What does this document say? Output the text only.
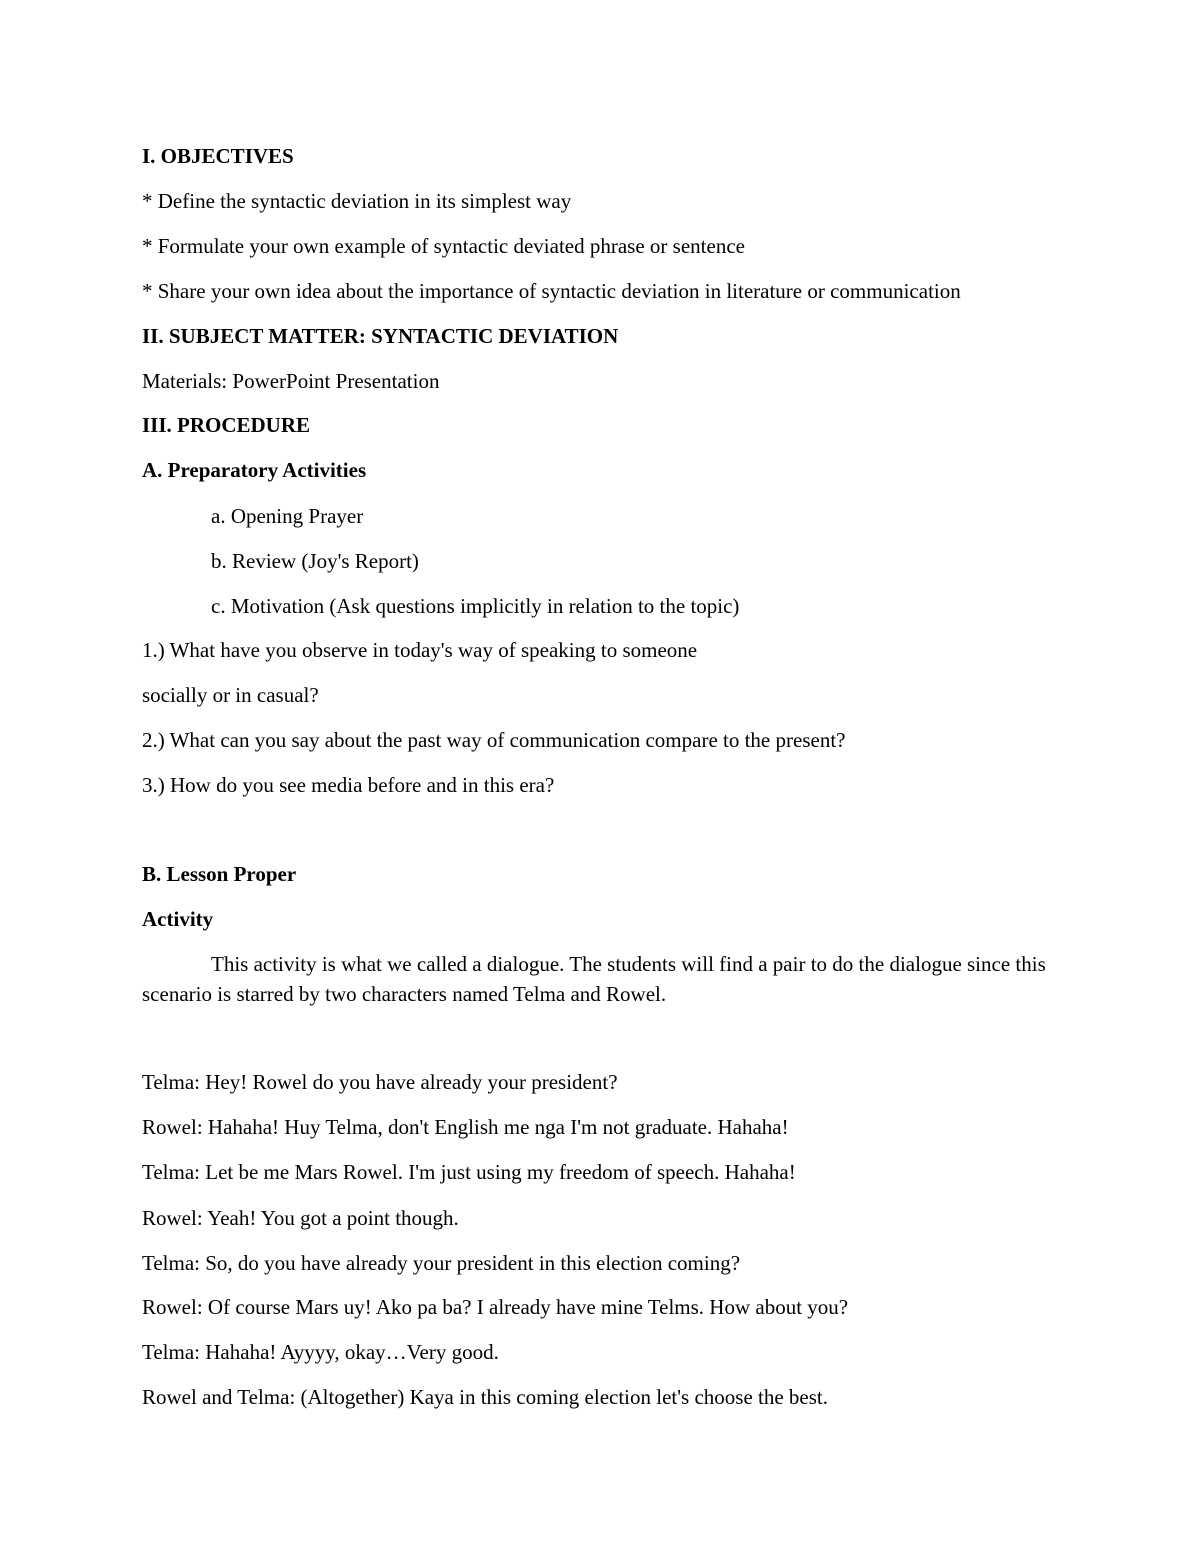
I. OBJECTIVES
* Define the syntactic deviation in its simplest way
* Formulate your own example of syntactic deviated phrase or sentence
* Share your own idea about the importance of syntactic deviation in literature or communication
II. SUBJECT MATTER: SYNTACTIC DEVIATION
Materials: PowerPoint Presentation
III. PROCEDURE
A. Preparatory Activities
a. Opening Prayer
b. Review (Joy's Report)
c. Motivation (Ask questions implicitly in relation to the topic)
1.) What have you observe in today's way of speaking to someone
socially or in casual?
2.) What can you say about the past way of communication compare to the present?
3.) How do you see media before and in this era?
B. Lesson Proper
Activity
This activity is what we called a dialogue. The students will find a pair to do the dialogue since this scenario is starred by two characters named Telma and Rowel.
Telma: Hey! Rowel do you have already your president?
Rowel: Hahaha! Huy Telma, don't English me nga I'm not graduate. Hahaha!
Telma: Let be me Mars Rowel. I'm just using my freedom of speech. Hahaha!
Rowel: Yeah! You got a point though.
Telma: So, do you have already your president in this election coming?
Rowel: Of course Mars uy! Ako pa ba? I already have mine Telms. How about you?
Telma: Hahaha! Ayyyy, okay…Very good.
Rowel and Telma: (Altogether) Kaya in this coming election let's choose the best.
